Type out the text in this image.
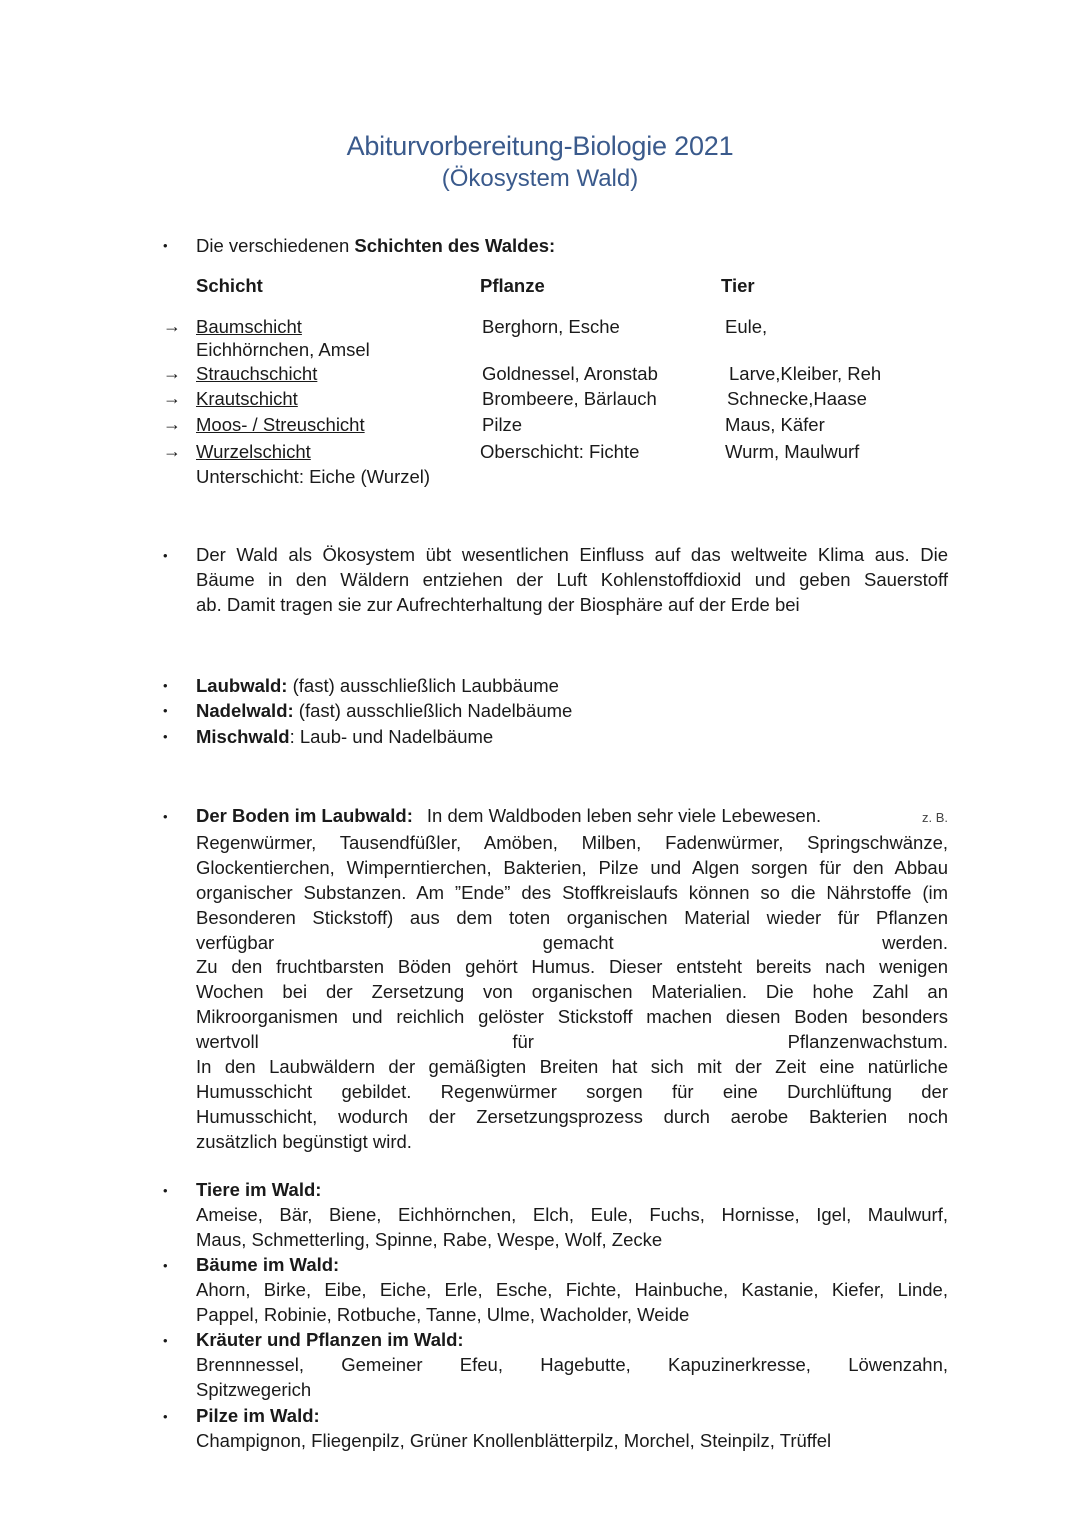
Abiturvorbereitung-Biologie 2021
(Ökosystem Wald)
• Die verschiedenen Schichten des Waldes:
Schicht	Pflanze	Tier
→ Baumschicht	Berghorn, Esche	Eule,
Eichhörnchen, Amsel
→ Strauchschicht	Goldnessel, Aronstab	Larve,Kleiber, Reh
→ Krautschicht	Brombeere, Bärlauch	Schnecke,Haase
→ Moos- / Streuschicht	Pilze	Maus, Käfer
→ Wurzelschicht	Oberschicht: Fichte	Wurm, Maulwurf
Unterschicht: Eiche (Wurzel)
• Der Wald als Ökosystem übt wesentlichen Einfluss auf das weltweite Klima aus. Die
Bäume in den Wäldern entziehen der Luft Kohlenstoffdioxid und geben Sauerstoff
ab. Damit tragen sie zur Aufrechterhaltung der Biosphäre auf der Erde bei
• Laubwald: (fast) ausschließlich Laubbäume
• Nadelwald: (fast) ausschließlich Nadelbäume
• Mischwald: Laub- und Nadelbäume
• Der Boden im Laubwald: In dem Waldboden leben sehr viele Lebewesen.	z. B.
Regenwürmer, Tausendfüßler, Amöben, Milben, Fadenwürmer, Springschwänze,
Glockentierchen, Wimperntierchen, Bakterien, Pilze und Algen sorgen für den Abbau
organischer Substanzen. Am ”Ende” des Stoffkreislaufs können so die Nährstoffe (im
Besonderen Stickstoff) aus dem toten organischen Material wieder für Pflanzen
verfügbar gemacht werden.
Zu den fruchtbarsten Böden gehört Humus. Dieser entsteht bereits nach wenigen
Wochen bei der Zersetzung von organischen Materialien. Die hohe Zahl an
Mikroorganismen und reichlich gelöster Stickstoff machen diesen Boden besonders
wertvoll für Pflanzenwachstum.
In den Laubwäldern der gemäßigten Breiten hat sich mit der Zeit eine natürliche
Humusschicht gebildet. Regenwürmer sorgen für eine Durchlüftung der
Humusschicht, wodurch der Zersetzungsprozess durch aerobe Bakterien noch
zusätzlich begünstigt wird.
• Tiere im Wald:
Ameise, Bär, Biene, Eichhörnchen, Elch, Eule, Fuchs, Hornisse, Igel, Maulwurf,
Maus, Schmetterling, Spinne, Rabe, Wespe, Wolf, Zecke
• Bäume im Wald:
Ahorn, Birke, Eibe, Eiche, Erle, Esche, Fichte, Hainbuche, Kastanie, Kiefer, Linde,
Pappel, Robinie, Rotbuche, Tanne, Ulme, Wacholder, Weide
• Kräuter und Pflanzen im Wald:
Brennnessel, Gemeiner Efeu, Hagebutte, Kapuzinerkresse, Löwenzahn,
Spitzwegerich
• Pilze im Wald:
Champignon, Fliegenpilz, Grüner Knollenblätterpilz, Morchel, Steinpilz, Trüffel
